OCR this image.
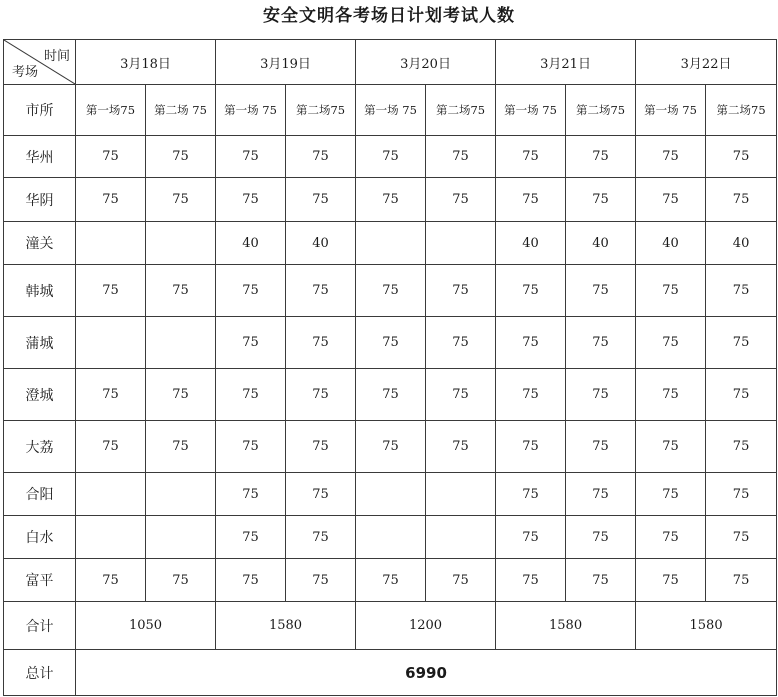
安全文明各考场日计划考试人数
时间
考场	3月18日		3月19日		3月20日		3月21日		3月22日	
市所	第一场75	第二场 75	第一场 75	第二场75	第一场 75	第二场75	第一场 75	第二场75	第一场 75	第二场75
华州	75	75	75	75	75	75	75	75	75	75
华阴	75	75	75	75	75	75	75	75	75	75
潼关			40	40			40	40	40	40
韩城	75	75	75	75	75	75	75	75	75	75
蒲城			75	75	75	75	75	75	75	75
澄城	75	75	75	75	75	75	75	75	75	75
大荔	75	75	75	75	75	75	75	75	75	75
合阳			75	75			75	75	75	75
白水			75	75			75	75	75	75
富平	75	75	75	75	75	75	75	75	75	75
合计	1050		1580		1200		1580		1580	
总计	6990									
